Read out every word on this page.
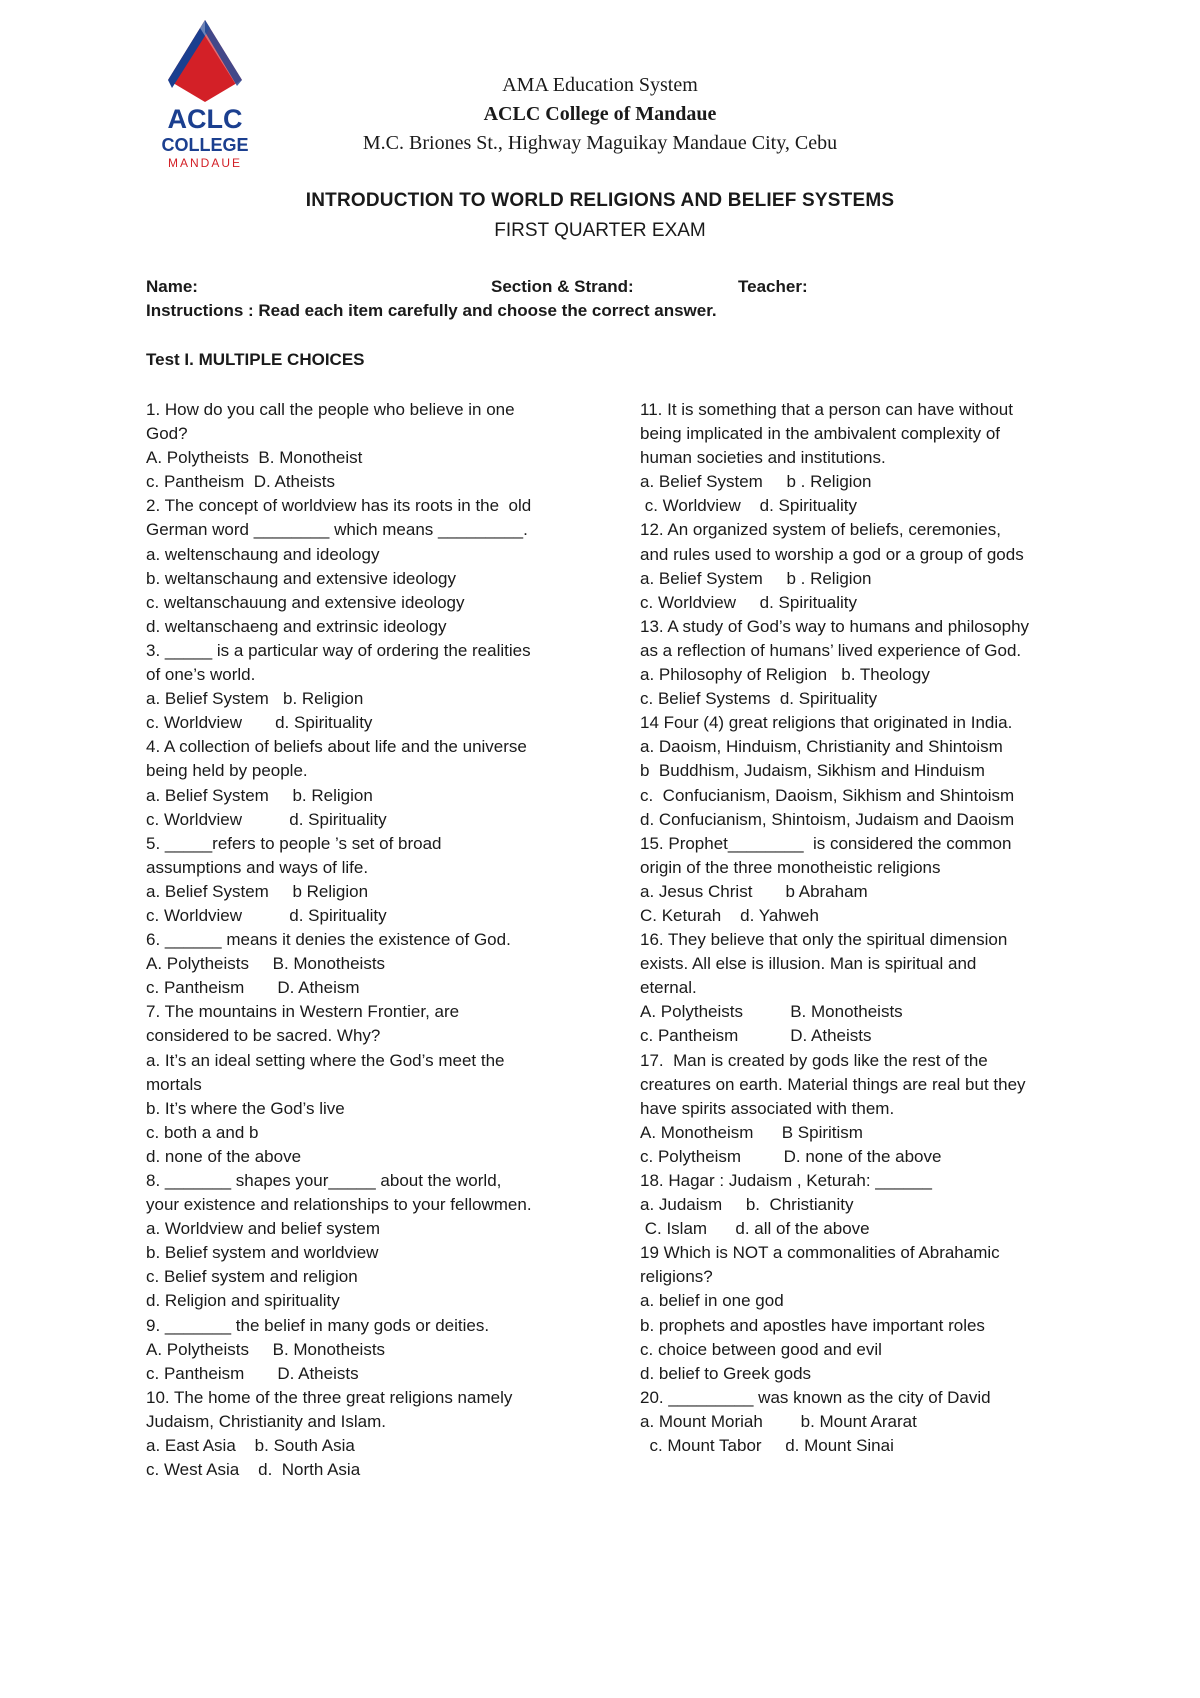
ACLC
COLLEGE
MANDAUE
AMA Education System
ACLC College of Mandaue
M.C. Briones St., Highway Maguikay Mandaue City, Cebu
INTRODUCTION TO WORLD RELIGIONS AND BELIEF SYSTEMS
FIRST QUARTER EXAM
Name:	Section & Strand:	Teacher:
Instructions : Read each item carefully and choose the correct answer.
Test I. MULTIPLE CHOICES
1. How do you call the people who believe in one
God?
A. Polytheists  B. Monotheist
c. Pantheism  D. Atheists
2. The concept of worldview has its roots in the  old
German word ________ which means _________.
a. weltenschaung and ideology
b. weltanschaung and extensive ideology
c. weltanschauung and extensive ideology
d. weltanschaeng and extrinsic ideology
3. _____ is a particular way of ordering the realities
of one’s world.
a. Belief System   b. Religion
c. Worldview       d. Spirituality
4. A collection of beliefs about life and the universe
being held by people.
a. Belief System     b. Religion
c. Worldview          d. Spirituality
5. _____refers to people ’s set of broad
assumptions and ways of life.
a. Belief System     b Religion
c. Worldview          d. Spirituality
6. ______ means it denies the existence of God.
A. Polytheists     B. Monotheists
c. Pantheism       D. Atheism
7. The mountains in Western Frontier, are
considered to be sacred. Why?
a. It’s an ideal setting where the God’s meet the
mortals
b. It’s where the God’s live
c. both a and b
d. none of the above
8. _______ shapes your_____ about the world,
your existence and relationships to your fellowmen.
a. Worldview and belief system
b. Belief system and worldview
c. Belief system and religion
d. Religion and spirituality
9. _______ the belief in many gods or deities.
A. Polytheists     B. Monotheists
c. Pantheism       D. Atheists
10. The home of the three great religions namely
Judaism, Christianity and Islam.
a. East Asia    b. South Asia
c. West Asia    d.  North Asia
11. It is something that a person can have without
being implicated in the ambivalent complexity of
human societies and institutions.
a. Belief System     b . Religion
c. Worldview    d. Spirituality
12. An organized system of beliefs, ceremonies,
and rules used to worship a god or a group of gods
a. Belief System     b . Religion
c. Worldview     d. Spirituality
13. A study of God’s way to humans and philosophy
as a reflection of humans’ lived experience of God.
a. Philosophy of Religion   b. Theology
c. Belief Systems  d. Spirituality
14 Four (4) great religions that originated in India.
a. Daoism, Hinduism, Christianity and Shintoism
b  Buddhism, Judaism, Sikhism and Hinduism
c.  Confucianism, Daoism, Sikhism and Shintoism
d. Confucianism, Shintoism, Judaism and Daoism
15. Prophet________  is considered the common
origin of the three monotheistic religions
a. Jesus Christ       b Abraham
C. Keturah    d. Yahweh
16. They believe that only the spiritual dimension
exists. All else is illusion. Man is spiritual and
eternal.
A. Polytheists          B. Monotheists
c. Pantheism           D. Atheists
17.  Man is created by gods like the rest of the
creatures on earth. Material things are real but they
have spirits associated with them.
A. Monotheism      B Spiritism
c. Polytheism         D. none of the above
18. Hagar : Judaism , Keturah: ______
a. Judaism     b.  Christianity
C. Islam      d. all of the above
19 Which is NOT a commonalities of Abrahamic
religions?
a. belief in one god
b. prophets and apostles have important roles
c. choice between good and evil
d. belief to Greek gods
20. _________ was known as the city of David
a. Mount Moriah        b. Mount Ararat
c. Mount Tabor     d. Mount Sinai
